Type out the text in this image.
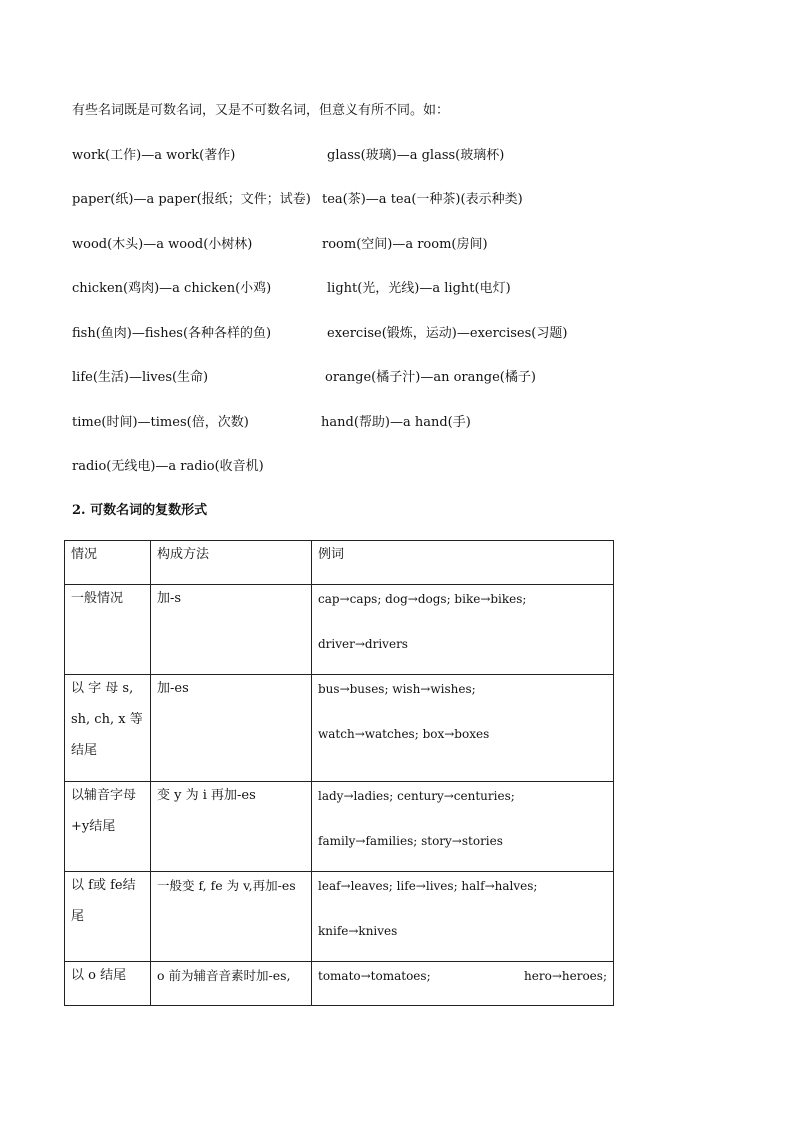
有些名词既是可数名词，又是不可数名词，但意义有所不同。如：
work(工作)—a work(著作)	glass(玻璃)—a glass(玻璃杯)
paper(纸)—a paper(报纸；文件；试卷) tea(茶)—a tea(一种茶)(表示种类)
wood(木头)—a wood(小树林)	room(空间)—a room(房间)
chicken(鸡肉)—a chicken(小鸡)	light(光，光线)—a light(电灯)
fish(鱼肉)—fishes(各种各样的鱼)	exercise(锻炼，运动)—exercises(习题)
life(生活)—lives(生命)	orange(橘子汁)—an orange(橘子)
time(时间)—times(倍，次数)	hand(帮助)—a hand(手)
radio(无线电)—a radio(收音机)
2. 可数名词的复数形式
情况	构成方法	例词

一般情况	加-s	cap→caps; dog→dogs; bike→bikes;
driver→drivers

以 字 母 s, sh, ch, x 等结尾	加-es	bus→buses; wish→wishes;
watch→watches; box→boxes

以辅音字母+y结尾	变 y 为 i 再加-es	lady→ladies; century→centuries;
family→families; story→stories

以 f或 fe结尾	一般变 f, fe 为 v,再加-es	leaf→leaves; life→lives; half→halves;
knife→knives

以 o 结尾	o 前为辅音音素时加-es,	tomato→tomatoes; hero→heroes;
